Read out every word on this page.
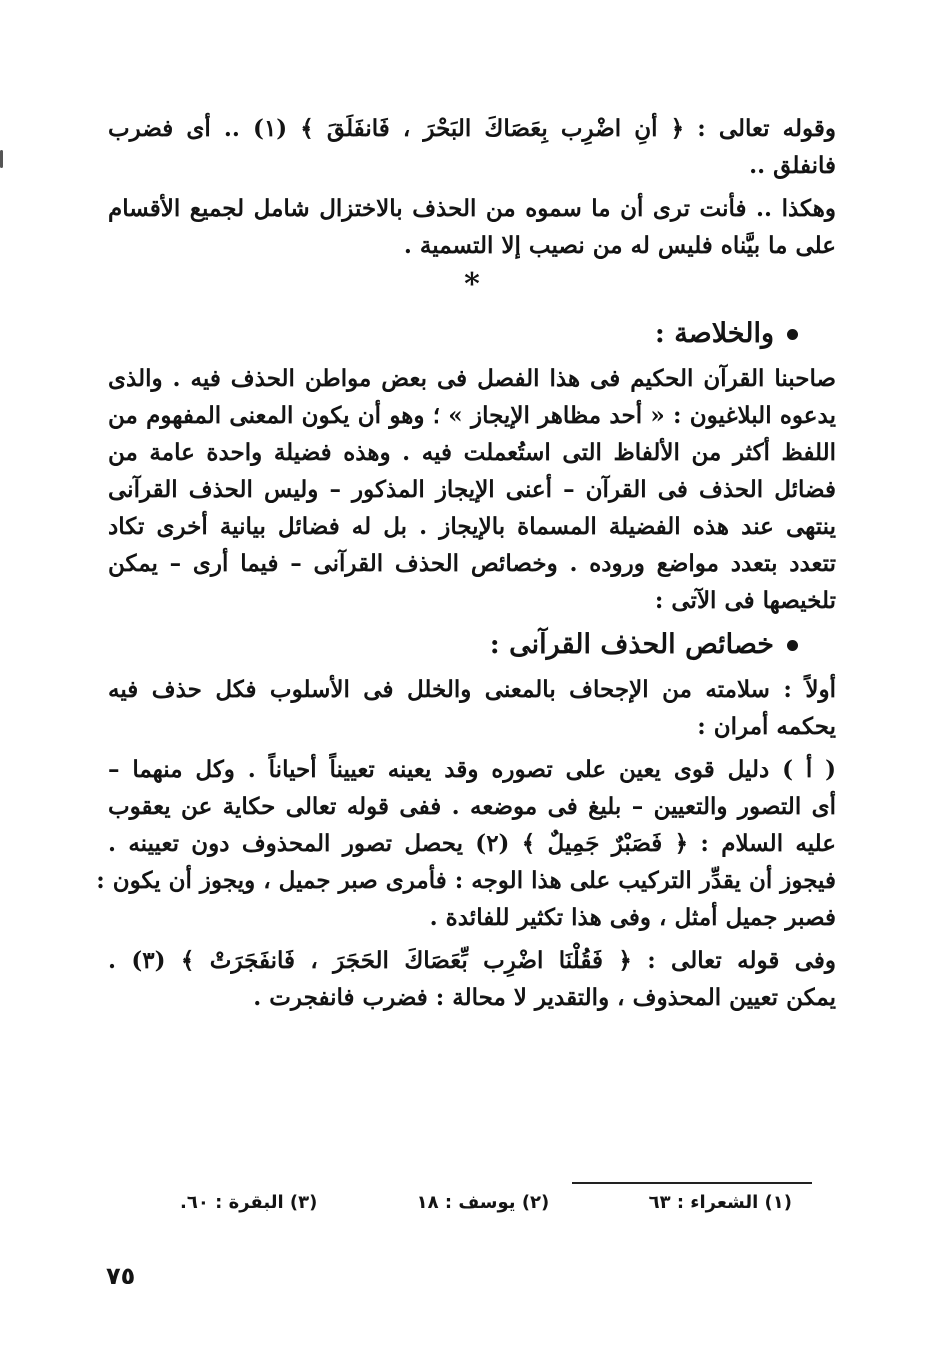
وقوله تعالى : ﴿ أنِ اضْرِب بِعَصَاكَ البَحْرَ ، فَانفَلَقَ ﴾ (١) .. أى فضرب
فانفلق ..
وهكذا .. فأنت ترى أن ما سموه من الحذف بالاختزال شامل لجميع الأقسام
على ما بيَّناه فليس له من نصيب إلا التسمية .
*
والخلاصة :
صاحبنا القرآن الحكيم فى هذا الفصل فى بعض مواطن الحذف فيه . والذى
يدعوه البلاغيون : « أحد مظاهر الإيجاز » ؛ وهو أن يكون المعنى المفهوم من
اللفظ أكثر من الألفاظ التى استُعملت فيه . وهذه فضيلة واحدة عامة من
فضائل الحذف فى القرآن – أعنى الإيجاز المذكور – وليس الحذف القرآنى
ينتهى عند هذه الفضيلة المسماة بالإيجاز . بل له فضائل بيانية أخرى تكاد
تتعدد بتعدد مواضع وروده . وخصائص الحذف القرآنى – فيما أرى – يمكن
تلخيصها فى الآتى :
خصائص الحذف القرآنى :
أولاً : سلامته من الإجحاف بالمعنى والخلل فى الأسلوب فكل حذف فيه
يحكمه أمران :
( أ ) دليل قوى يعين على تصوره وقد يعينه تعييناً أحياناً . وكل منهما –
أى التصور والتعيين – بليغ فى موضعه . ففى قوله تعالى حكاية عن يعقوب
عليه السلام : ﴿ فَصَبْرٌ جَمِيلٌ ﴾ (٢) يحصل تصور المحذوف دون تعيينه .
فيجوز أن يقدِّر التركيب على هذا الوجه : فأمرى صبر جميل ، ويجوز أن يكون :
فصبر جميل أمثل ، وفى هذا تكثير للفائدة .
وفى قوله تعالى : ﴿ فَقُلْنَا اضْرِب بِّعَصَاكَ الحَجَرَ ، فَانفَجَرَتْ ﴾ (٣) .
يمكن تعيين المحذوف ، والتقدير لا محالة : فضرب فانفجرت .
(١) الشعراء : ٦٣
(٢) يوسف : ١٨
(٣) البقرة : ٦٠.
٧٥
